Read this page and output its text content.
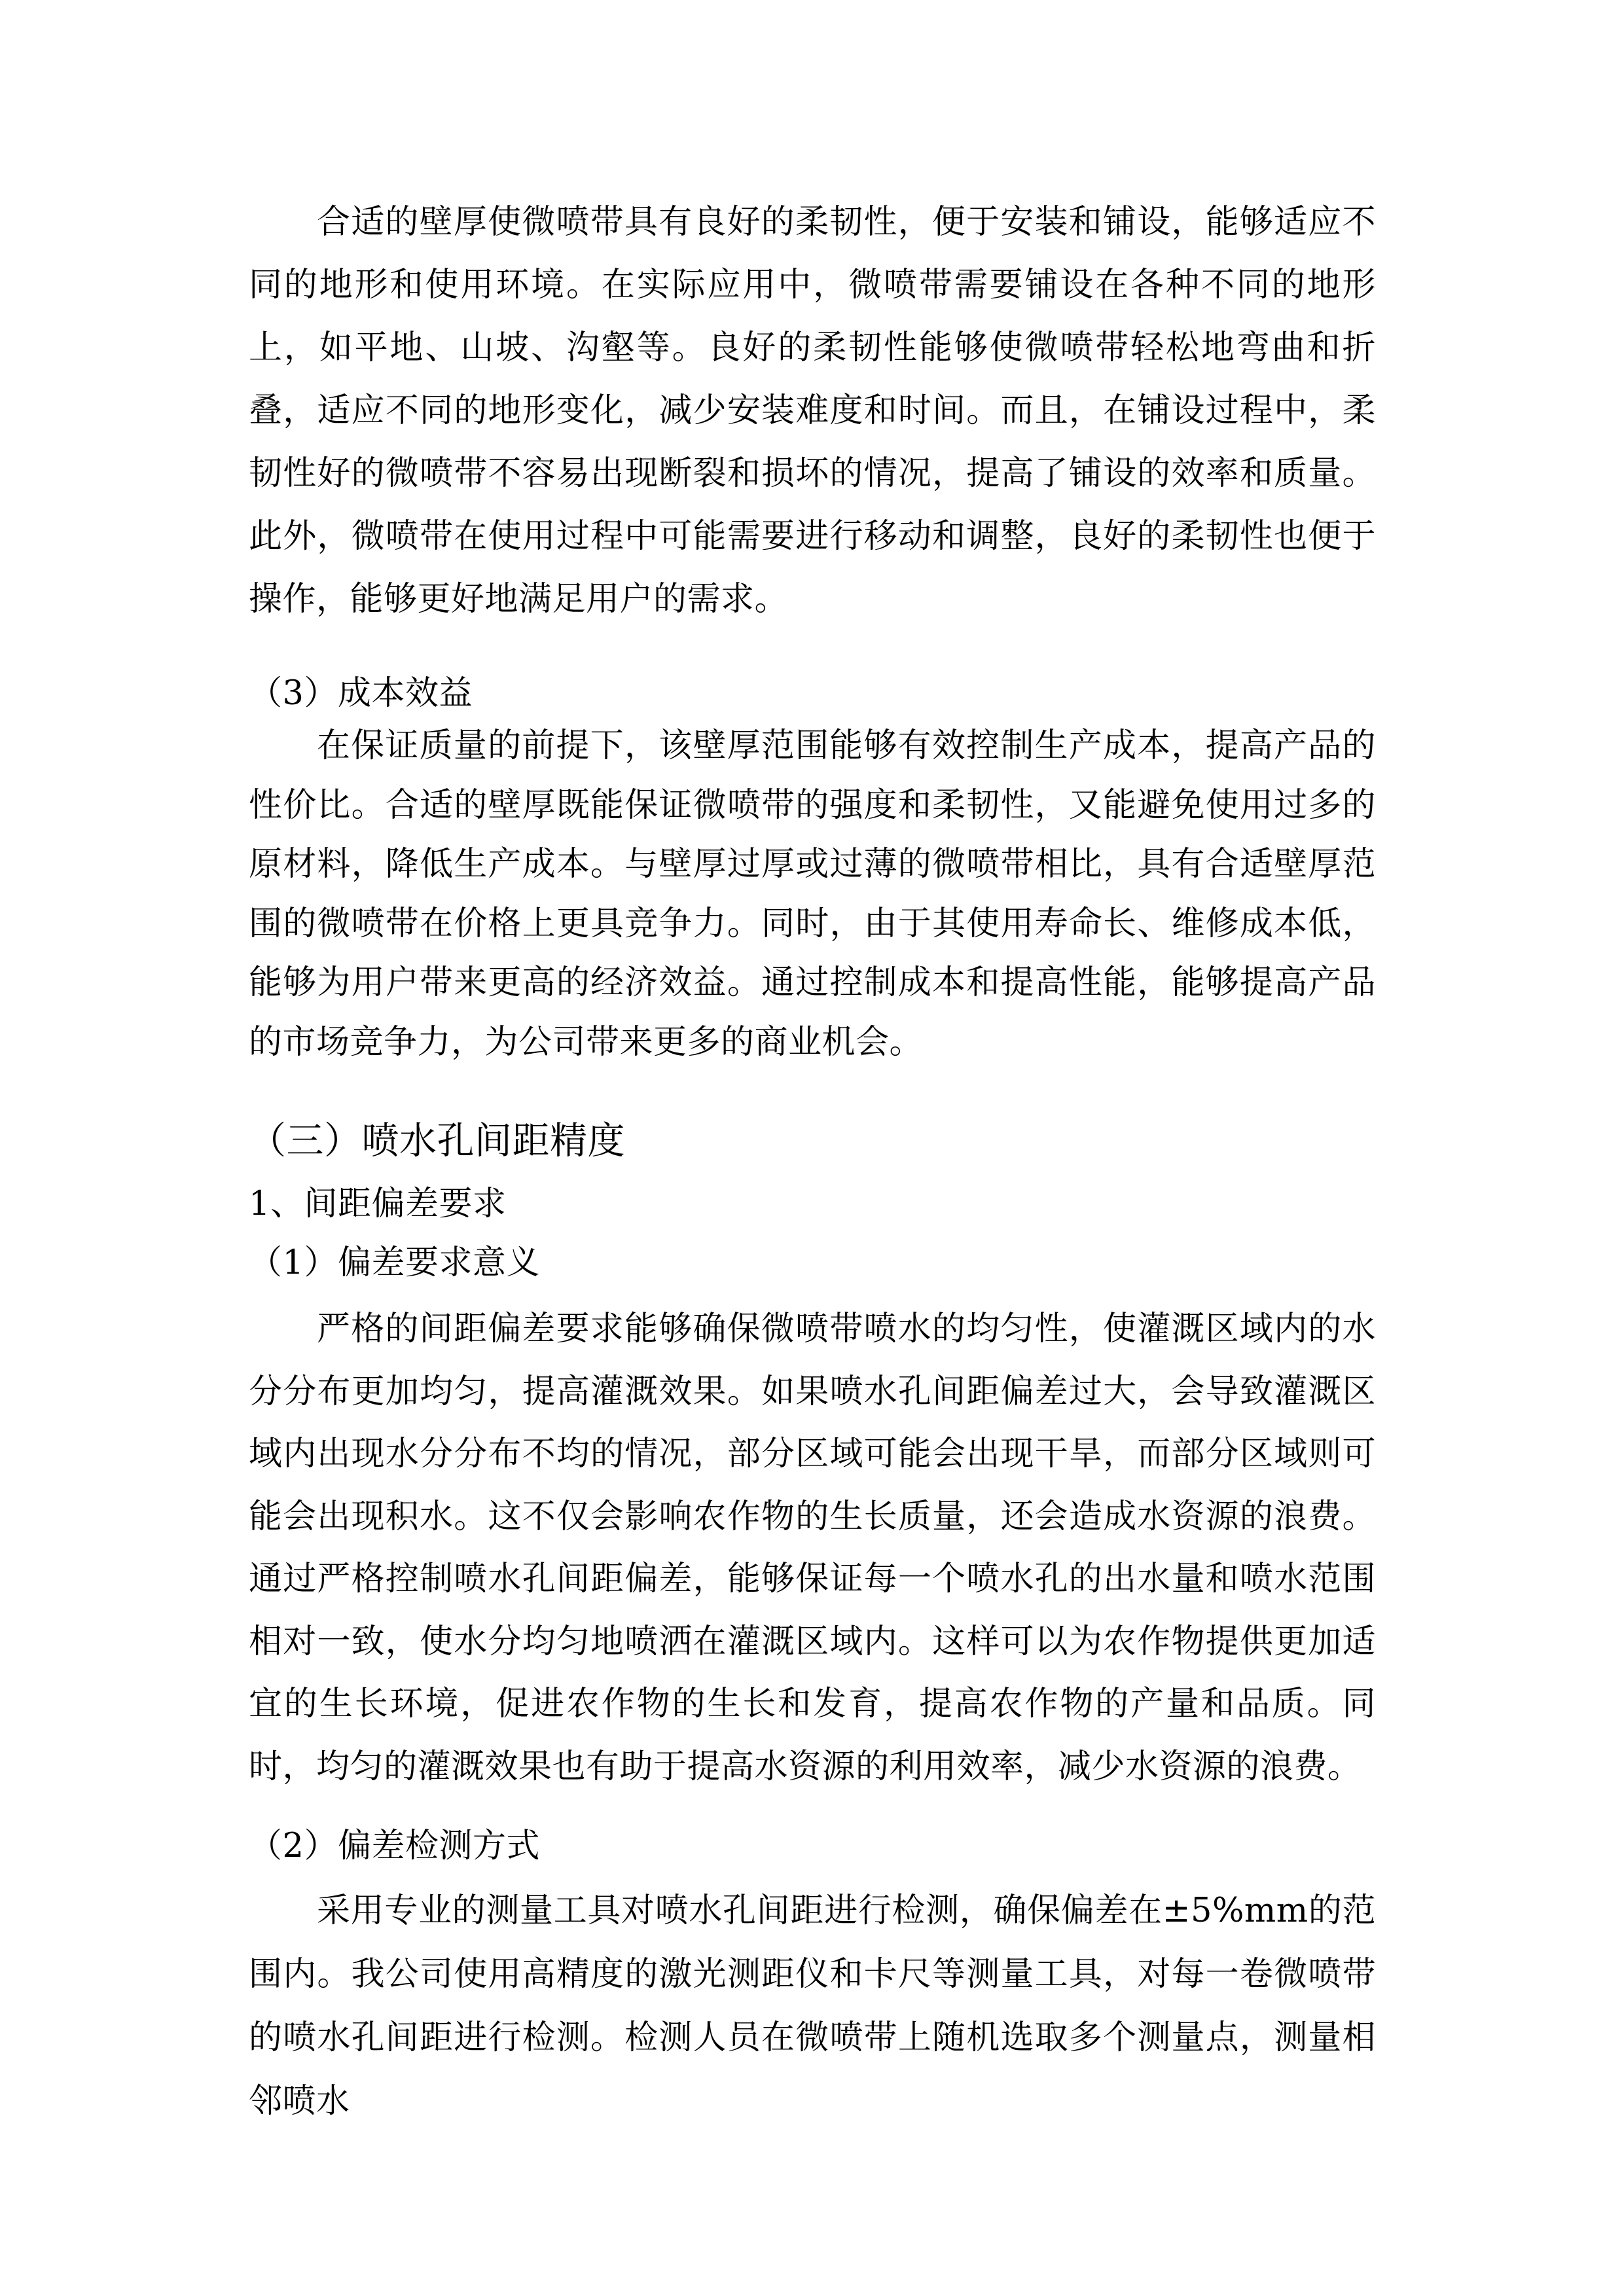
合适的壁厚使微喷带具有良好的柔韧性，便于安装和铺设，能够适应不同的地形和使用环境。在实际应用中，微喷带需要铺设在各种不同的地形上，如平地、山坡、沟壑等。良好的柔韧性能够使微喷带轻松地弯曲和折叠，适应不同的地形变化，减少安装难度和时间。而且，在铺设过程中，柔韧性好的微喷带不容易出现断裂和损坏的情况，提高了铺设的效率和质量。此外，微喷带在使用过程中可能需要进行移动和调整，良好的柔韧性也便于操作，能够更好地满足用户的需求。

（3）成本效益

在保证质量的前提下，该壁厚范围能够有效控制生产成本，提高产品的性价比。合适的壁厚既能保证微喷带的强度和柔韧性，又能避免使用过多的原材料，降低生产成本。与壁厚过厚或过薄的微喷带相比，具有合适壁厚范围的微喷带在价格上更具竞争力。同时，由于其使用寿命长、维修成本低，能够为用户带来更高的经济效益。通过控制成本和提高性能，能够提高产品的市场竞争力，为公司带来更多的商业机会。

（三）喷水孔间距精度

1、间距偏差要求

（1）偏差要求意义

严格的间距偏差要求能够确保微喷带喷水的均匀性，使灌溉区域内的水分分布更加均匀，提高灌溉效果。如果喷水孔间距偏差过大，会导致灌溉区域内出现水分分布不均的情况，部分区域可能会出现干旱，而部分区域则可能会出现积水。这不仅会影响农作物的生长质量，还会造成水资源的浪费。通过严格控制喷水孔间距偏差，能够保证每一个喷水孔的出水量和喷水范围相对一致，使水分均匀地喷洒在灌溉区域内。这样可以为农作物提供更加适宜的生长环境，促进农作物的生长和发育，提高农作物的产量和品质。同时，均匀的灌溉效果也有助于提高水资源的利用效率，减少水资源的浪费。

（2）偏差检测方式

采用专业的测量工具对喷水孔间距进行检测，确保偏差在±5%mm的范围内。我公司使用高精度的激光测距仪和卡尺等测量工具，对每一卷微喷带的喷水孔间距进行检测。检测人员在微喷带上随机选取多个测量点，测量相邻喷水
